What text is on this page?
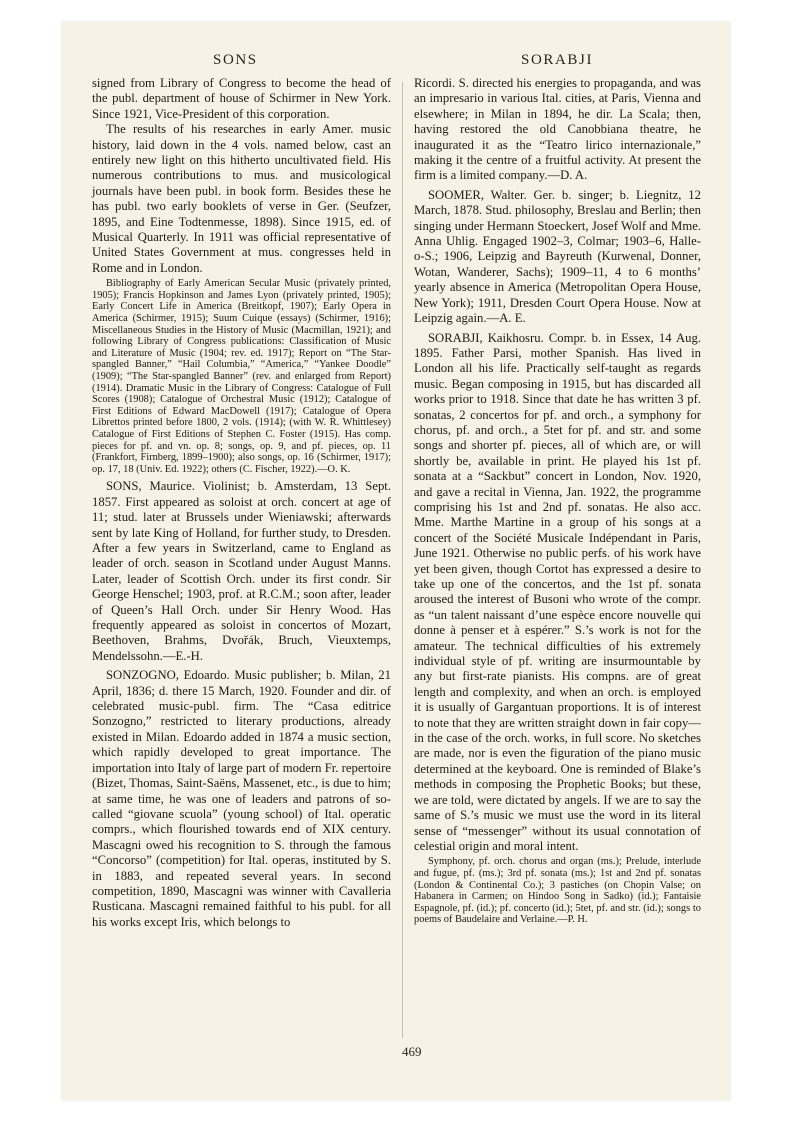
SONS	SORABJI

signed from Library of Congress to become the head of the publ. department of house of Schirmer in New York. Since 1921, Vice-President of this corporation.

The results of his researches in early Amer. music history, laid down in the 4 vols. named below, cast an entirely new light on this hitherto uncultivated field. His numerous contributions to mus. and musicological journals have been publ. in book form. Besides these he has publ. two early booklets of verse in Ger. (Seufzer, 1895, and Eine Todtenmesse, 1898). Since 1915, ed. of Musical Quarterly. In 1911 was official representative of United States Government at mus. congresses held in Rome and in London.

Bibliography of Early American Secular Music (privately printed, 1905); Francis Hopkinson and James Lyon (privately printed, 1905); Early Concert Life in America (Breitkopf, 1907); Early Opera in America (Schirmer, 1915); Suum Cuique (essays) (Schirmer, 1916); Miscellaneous Studies in the History of Music (Macmillan, 1921); and following Library of Congress publications: Classification of Music and Literature of Music (1904; rev. ed. 1917); Report on “The Star-spangled Banner,” “Hail Columbia,” “America,” “Yankee Doodle” (1909); “The Star-spangled Banner” (rev. and enlarged from Report) (1914). Dramatic Music in the Library of Congress: Catalogue of Full Scores (1908); Catalogue of Orchestral Music (1912); Catalogue of First Editions of Edward MacDowell (1917); Catalogue of Opera Librettos printed before 1800, 2 vols. (1914); (with W. R. Whittlesey) Catalogue of First Editions of Stephen C. Foster (1915). Has comp. pieces for pf. and vn. op. 8; songs, op. 9, and pf. pieces, op. 11 (Frankfort, Firnberg, 1899–1900); also songs, op. 16 (Schirmer, 1917); op. 17, 18 (Univ. Ed. 1922); others (C. Fischer, 1922).—O. K.

SONS, Maurice. Violinist; b. Amsterdam, 13 Sept. 1857. First appeared as soloist at orch. concert at age of 11; stud. later at Brussels under Wieniawski; afterwards sent by late King of Holland, for further study, to Dresden. After a few years in Switzerland, came to England as leader of orch. season in Scotland under August Manns. Later, leader of Scottish Orch. under its first condr. Sir George Henschel; 1903, prof. at R.C.M.; soon after, leader of Queen’s Hall Orch. under Sir Henry Wood. Has frequently appeared as soloist in concertos of Mozart, Beethoven, Brahms, Dvořák, Bruch, Vieuxtemps, Mendelssohn.—E.-H.

SONZOGNO, Edoardo. Music publisher; b. Milan, 21 April, 1836; d. there 15 March, 1920. Founder and dir. of celebrated music-publ. firm. The “Casa editrice Sonzogno,” restricted to literary productions, already existed in Milan. Edoardo added in 1874 a music section, which rapidly developed to great importance. The importation into Italy of large part of modern Fr. repertoire (Bizet, Thomas, Saint-Saëns, Massenet, etc., is due to him; at same time, he was one of leaders and patrons of so-called “giovane scuola” (young school) of Ital. operatic comprs., which flourished towards end of XIX century. Mascagni owed his recognition to S. through the famous “Concorso” (competition) for Ital. operas, instituted by S. in 1883, and repeated several years. In second competition, 1890, Mascagni was winner with Cavalleria Rusticana. Mascagni remained faithful to his publ. for all his works except Iris, which belongs to

Ricordi. S. directed his energies to propaganda, and was an impresario in various Ital. cities, at Paris, Vienna and elsewhere; in Milan in 1894, he dir. La Scala; then, having restored the old Canobbiana theatre, he inaugurated it as the “Teatro lirico internazionale,” making it the centre of a fruitful activity. At present the firm is a limited company.—D. A.

SOOMER, Walter. Ger. b. singer; b. Liegnitz, 12 March, 1878. Stud. philosophy, Breslau and Berlin; then singing under Hermann Stoeckert, Josef Wolf and Mme. Anna Uhlig. Engaged 1902–3, Colmar; 1903–6, Halle-o-S.; 1906, Leipzig and Bayreuth (Kurwenal, Donner, Wotan, Wanderer, Sachs); 1909–11, 4 to 6 months’ yearly absence in America (Metropolitan Opera House, New York); 1911, Dresden Court Opera House. Now at Leipzig again.—A. E.

SORABJI, Kaikhosru. Compr. b. in Essex, 14 Aug. 1895. Father Parsi, mother Spanish. Has lived in London all his life. Practically self-taught as regards music. Began composing in 1915, but has discarded all works prior to 1918. Since that date he has written 3 pf. sonatas, 2 concertos for pf. and orch., a symphony for chorus, pf. and orch., a 5tet for pf. and str. and some songs and shorter pf. pieces, all of which are, or will shortly be, available in print. He played his 1st pf. sonata at a “Sackbut” concert in London, Nov. 1920, and gave a recital in Vienna, Jan. 1922, the programme comprising his 1st and 2nd pf. sonatas. He also acc. Mme. Marthe Martine in a group of his songs at a concert of the Société Musicale Indépendant in Paris, June 1921. Otherwise no public perfs. of his work have yet been given, though Cortot has expressed a desire to take up one of the concertos, and the 1st pf. sonata aroused the interest of Busoni who wrote of the compr. as “un talent naissant d’une espèce encore nouvelle qui donne à penser et à espérer.” S.’s work is not for the amateur. The technical difficulties of his extremely individual style of pf. writing are insurmountable by any but first-rate pianists. His compns. are of great length and complexity, and when an orch. is employed it is usually of Gargantuan proportions. It is of interest to note that they are written straight down in fair copy—in the case of the orch. works, in full score. No sketches are made, nor is even the figuration of the piano music determined at the keyboard. One is reminded of Blake’s methods in composing the Prophetic Books; but these, we are told, were dictated by angels. If we are to say the same of S.’s music we must use the word in its literal sense of “messenger” without its usual connotation of celestial origin and moral intent.

Symphony, pf. orch. chorus and organ (ms.); Prelude, interlude and fugue, pf. (ms.); 3rd pf. sonata (ms.); 1st and 2nd pf. sonatas (London & Continental Co.); 3 pastiches (on Chopin Valse; on Habanera in Carmen; on Hindoo Song in Sadko) (id.); Fantaisie Espagnole, pf. (id.); pf. concerto (id.); 5tet, pf. and str. (id.); songs to poems of Baudelaire and Verlaine.—P. H.

469
